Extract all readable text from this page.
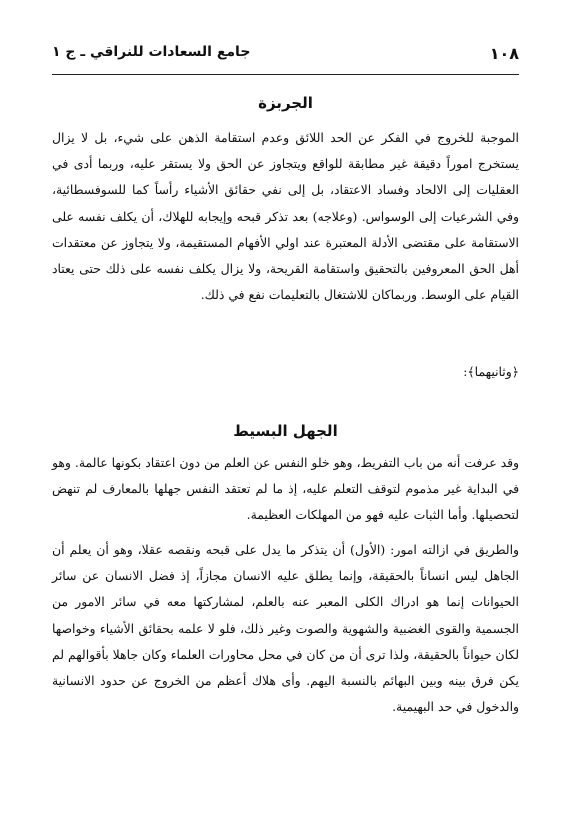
١٠٨
جامع السعادات للنراقي ـ ج ١
الجربزة

الموجبة للخروج في الفكر عن الحد اللائق وعدم استقامة الذهن على شيء، بل لا يزال يستخرج اموراً دقيقة غير مطابقة للواقع ويتجاوز عن الحق ولا يستقر عليه، وربما أدى في العقليات إلى الالحاد وفساد الاعتقاد، بل إلى نفي حقائق الأشياء رأساً كما للسوفسطائية، وفي الشرعيات إلى الوسواس. (وعلاجه) بعد تذكر قبحه وإيجابه للهلاك، أن يكلف نفسه على الاستقامة على مقتضى الأدلة المعتبرة عند اولي الأفهام المستقيمة، ولا يتجاوز عن معتقدات أهل الحق المعروفين بالتحقيق واستقامة القريحة، ولا يزال يكلف نفسه على ذلك حتى يعتاد القيام على الوسط. وربماكان للاشتغال بالتعليمات نفع في ذلك.

﴿وثانيهما﴾:

الجهل البسيط

وقد عرفت أنه من باب التفريط، وهو خلو النفس عن العلم من دون اعتقاد بكونها عالمة. وهو في البداية غير مذموم لتوقف التعلم عليه، إذ ما لم تعتقد النفس جهلها بالمعارف لم تنهض لتحصيلها. وأما الثبات عليه فهو من المهلكات العظيمة.

والطريق في ازالته امور: (الأول) أن يتذكر ما يدل على قبحه ونقصه عقلا، وهو أن يعلم أن الجاهل ليس انساناً بالحقيقة، وإنما يطلق عليه الانسان مجازاً، إذ فضل الانسان عن سائر الحيوانات إنما هو ادراك الكلى المعبر عنه بالعلم، لمشاركتها معه في سائر الامور من الجسمية والقوى الغضبية والشهوية والصوت وغير ذلك، فلو لا علمه بحقائق الأشياء وخواصها لكان حيواناً بالحقيقة، ولذا ترى أن من كان في محل محاورات العلماء وكان جاهلا بأقوالهم لم يكن فرق بينه وبين البهائم بالنسبة اليهم. وأى هلاك أعظم من الخروج عن حدود الانسانية والدخول في حد البهيمية.
